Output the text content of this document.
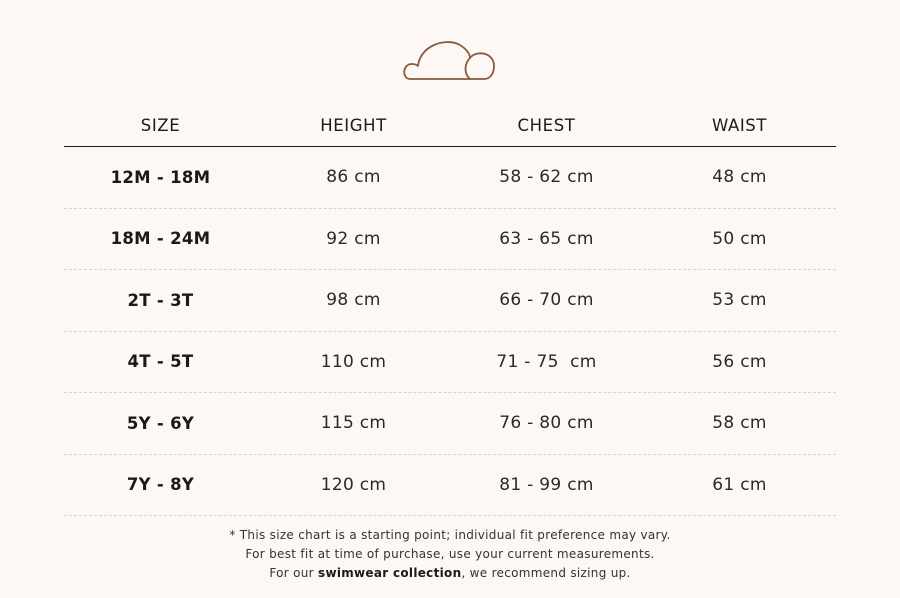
SIZE	HEIGHT	CHEST	WAIST
12M - 18M	86 cm	58 - 62 cm	48 cm
18M - 24M	92 cm	63 - 65 cm	50 cm
2T - 3T	98 cm	66 - 70 cm	53 cm
4T - 5T	110 cm	71 - 75  cm	56 cm
5Y - 6Y	115 cm	76 - 80 cm	58 cm
7Y - 8Y	120 cm	81 - 99 cm	61 cm
* This size chart is a starting point; individual fit preference may vary.
For best fit at time of purchase, use your current measurements.
For our swimwear collection, we recommend sizing up.
